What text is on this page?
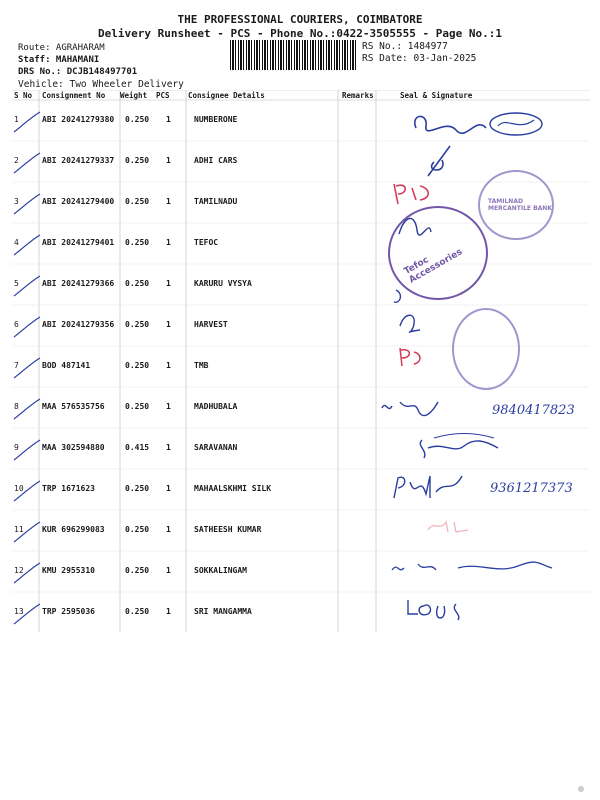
THE PROFESSIONAL COURIERS, COIMBATORE
Delivery Runsheet - PCS - Phone No.:0422-3505555 - Page No.:1
Route: AGRAHARAM
Staff: MAHAMANI
DRS No.: DCJB148497701
Vehicle: Two Wheeler Delivery
RS No.: 1484977
RS Date: 03-Jan-2025
S No Consignment No Weight PCS Consignee Details	Remarks	Seal & Signature
1	ABI 20241279380 0.250 1	NUMBERONE
2	ABI 20241279337 0.250 1	ADHI CARS
3	ABI 20241279400 0.250 1	TAMILNADU
4	ABI 20241279401 0.250 1	TEFOC
5	ABI 20241279366 0.250 1	KARURU VYSYA
6	ABI 20241279356 0.250 1	HARVEST
7	BOD 487141	0.250 1	TMB
8	MAA 576535756	0.250 1	MADHUBALA
9	MAA 302594880	0.415 1	SARAVANAN
10 TRP 1671623	0.250 1	MAHAALSKHMI SILK
11 KUR 696299083	0.250 1	SATHEESH KUMAR
12 KMU 2955310	0.250 1	SOKKALINGAM
13 TRP 2595036	0.250 1	SRI MANGAMMA
TAMILNAD MERCANTILE BANK
Tefoc Accessories
9840417823
9361217373
